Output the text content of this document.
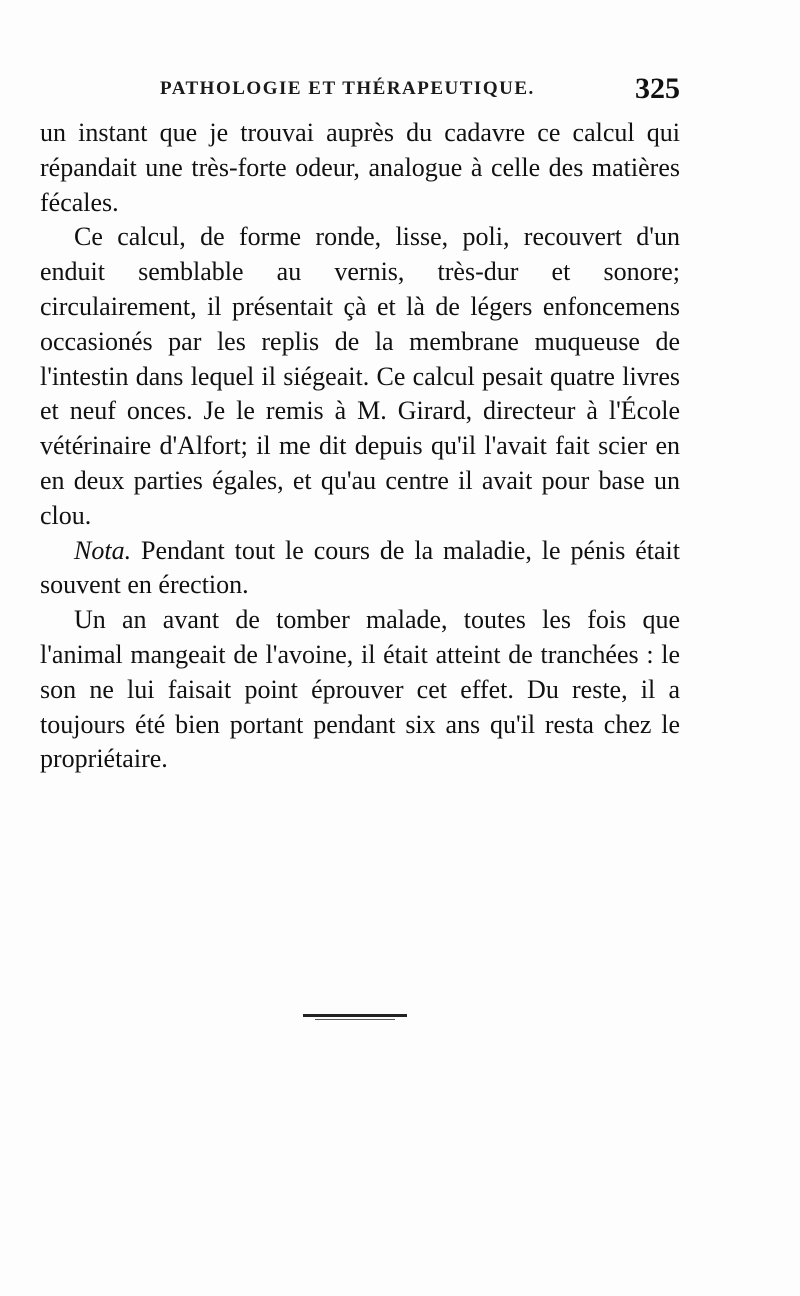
PATHOLOGIE ET THÉRAPEUTIQUE.	325

un instant que je trouvai auprès du cadavre ce calcul qui répandait une très-forte odeur, analogue à celle des matières fécales.

Ce calcul, de forme ronde, lisse, poli, recouvert d'un enduit semblable au vernis, très-dur et sonore; circulairement, il présentait çà et là de légers enfoncemens occasionés par les replis de la membrane muqueuse de l'intestin dans lequel il siégeait. Ce calcul pesait quatre livres et neuf onces. Je le remis à M. Girard, directeur à l'École vétérinaire d'Alfort; il me dit depuis qu'il l'avait fait scier en en deux parties égales, et qu'au centre il avait pour base un clou.

Nota. Pendant tout le cours de la maladie, le pénis était souvent en érection.

Un an avant de tomber malade, toutes les fois que l'animal mangeait de l'avoine, il était atteint de tranchées : le son ne lui faisait point éprouver cet effet. Du reste, il a toujours été bien portant pendant six ans qu'il resta chez le propriétaire.
